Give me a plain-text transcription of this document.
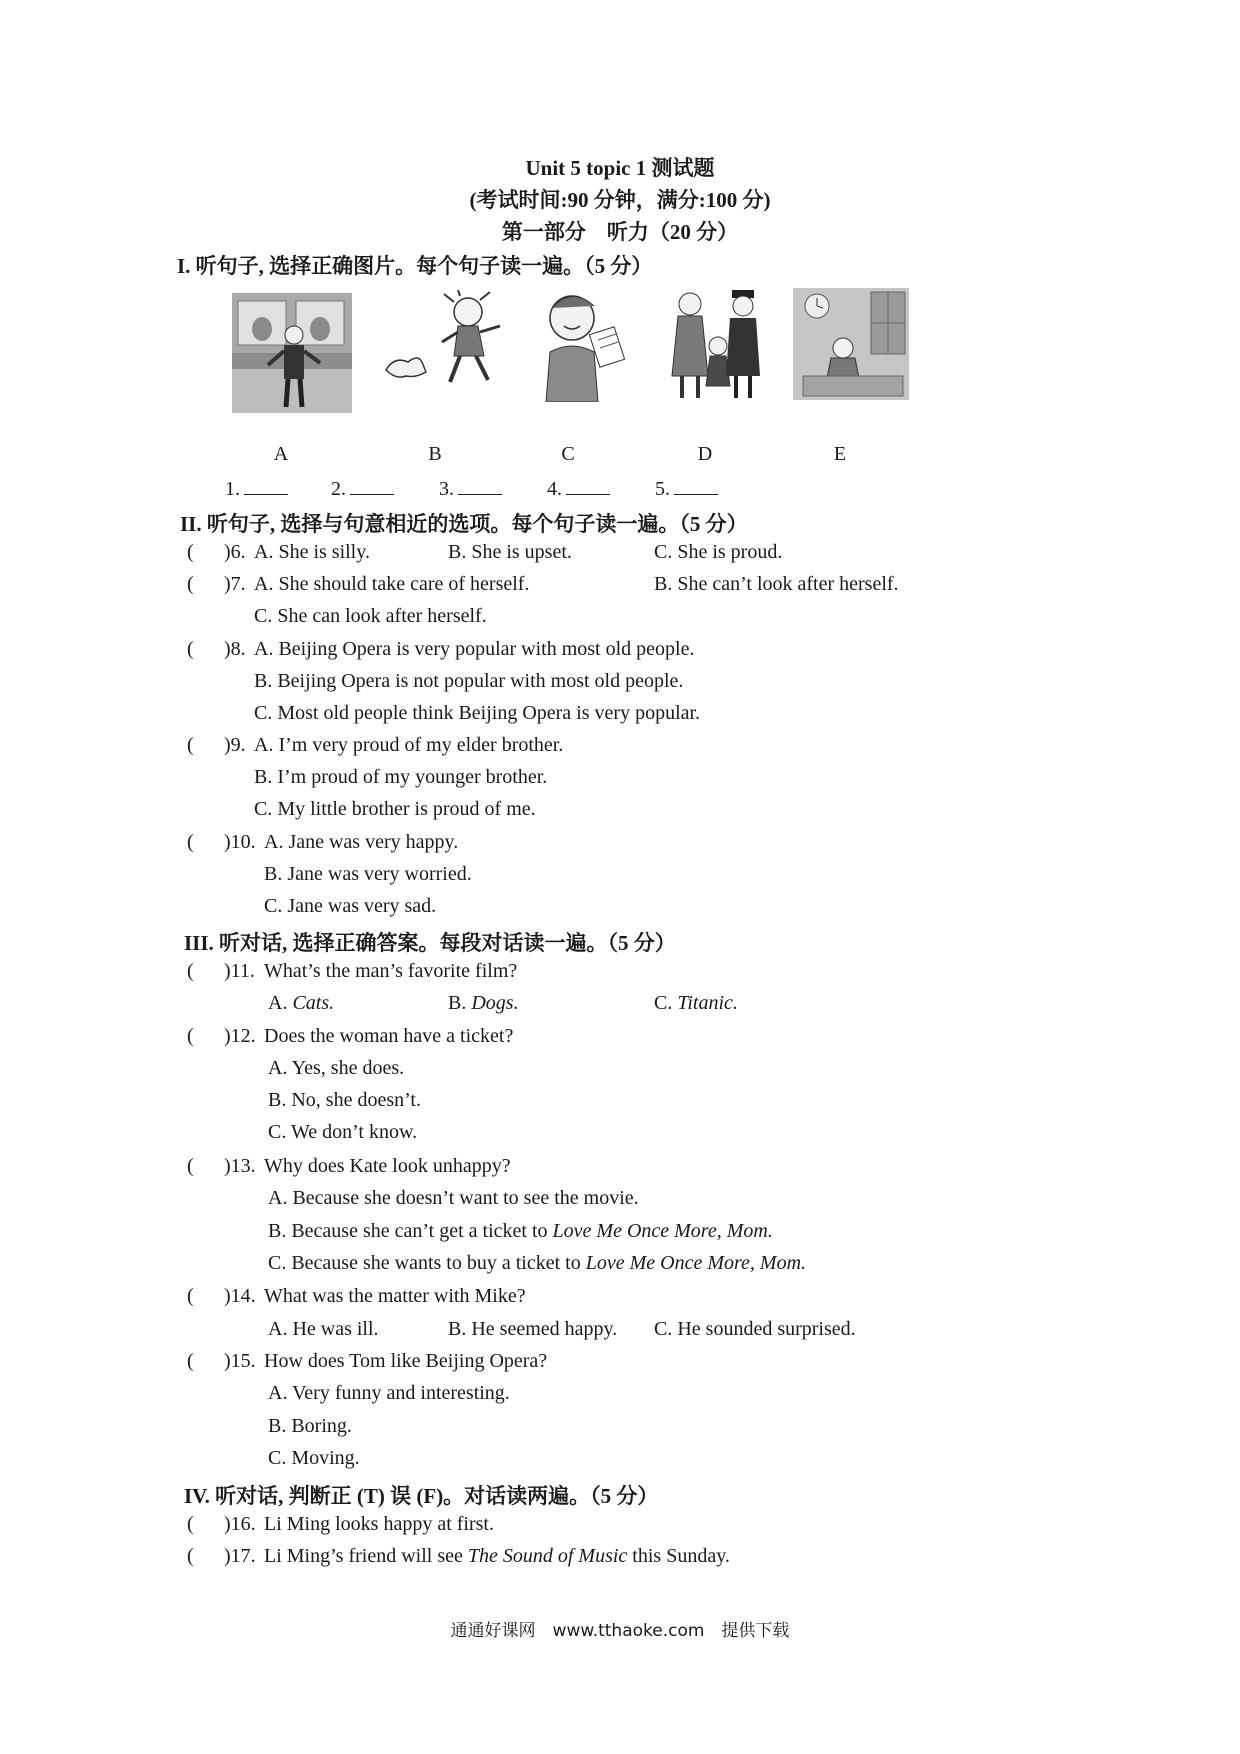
Unit 5 topic 1 测试题
(考试时间:90 分钟，满分:100 分)
第一部分　听力（20 分）
I. 听句子, 选择正确图片。每个句子读一遍。（5 分）
A	B	C	D	E
1.	2.	3.	4.	5.
II. 听句子, 选择与句意相近的选项。每个句子读一遍。（5 分）
( )6. A. She is silly.	B. She is upset.	C. She is proud.
( )7. A. She should take care of herself.	B. She can’t look after herself.
C. She can look after herself.
( )8. A. Beijing Opera is very popular with most old people.
B. Beijing Opera is not popular with most old people.
C. Most old people think Beijing Opera is very popular.
( )9. A. I’m very proud of my elder brother.
B. I’m proud of my younger brother.
C. My little brother is proud of me.
( )10. A. Jane was very happy.
B. Jane was very worried.
C. Jane was very sad.
III. 听对话, 选择正确答案。每段对话读一遍。（5 分）
( )11. What’s the man’s favorite film?
A. Cats.	B. Dogs.	C. Titanic.
( )12. Does the woman have a ticket?
A. Yes, she does.
B. No, she doesn’t.
C. We don’t know.
( )13. Why does Kate look unhappy?
A. Because she doesn’t want to see the movie.
B. Because she can’t get a ticket to Love Me Once More, Mom.
C. Because she wants to buy a ticket to Love Me Once More, Mom.
( )14. What was the matter with Mike?
A. He was ill.	B. He seemed happy. C. He sounded surprised.
( )15. How does Tom like Beijing Opera?
A. Very funny and interesting.
B. Boring.
C. Moving.
IV. 听对话, 判断正 (T) 误 (F)。对话读两遍。（5 分）
( )16. Li Ming looks happy at first.
( )17. Li Ming’s friend will see The Sound of Music this Sunday.
通通好课网　www.tthaoke.com　提供下载
